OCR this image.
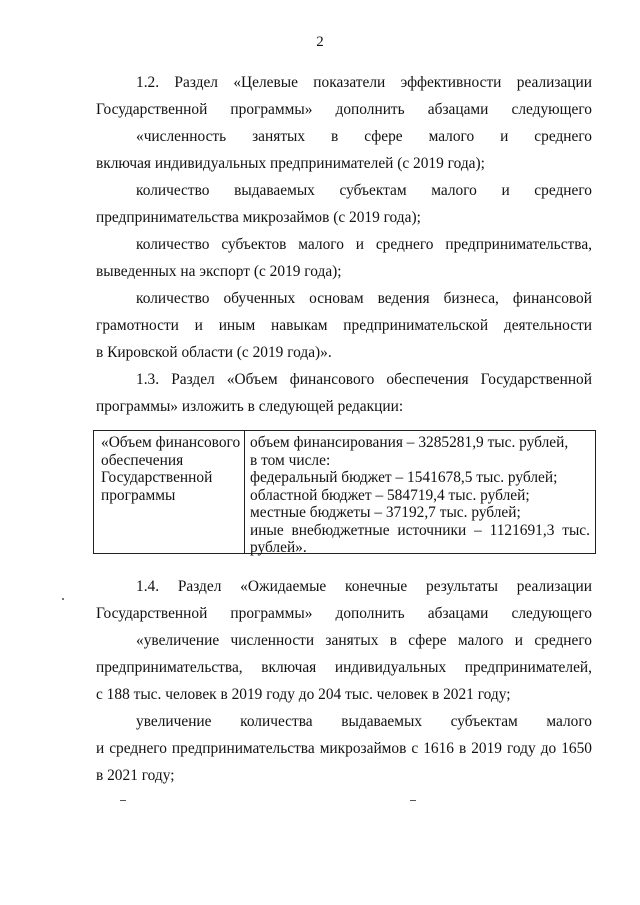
2
1.2. Раздел «Целевые показатели эффективности реализации
Государственной программы» дополнить абзацами следующего
«численность занятых в сфере малого и среднего
включая индивидуальных предпринимателей (с 2019 года);
количество выдаваемых субъектам малого и среднего
предпринимательства микрозаймов (с 2019 года);
количество субъектов малого и среднего предпринимательства,
выведенных на экспорт (с 2019 года);
количество обученных основам ведения бизнеса, финансовой
грамотности и иным навыкам предпринимательской деятельности
в Кировской области (с 2019 года)».
1.3. Раздел «Объем финансового обеспечения Государственной
программы» изложить в следующей редакции:
«Объем финансового
обеспечения
Государственной
программы
объем финансирования – 3285281,9 тыс. рублей,
в том числе:
федеральный бюджет – 1541678,5 тыс. рублей;
областной бюджет – 584719,4 тыс. рублей;
местные бюджеты – 37192,7 тыс. рублей;
иные внебюджетные источники – 1121691,3 тыс.
рублей».
1.4. Раздел «Ожидаемые конечные результаты реализации
Государственной программы» дополнить абзацами следующего
«увеличение численности занятых в сфере малого и среднего
предпринимательства, включая индивидуальных предпринимателей,
с 188 тыс. человек в 2019 году до 204 тыс. человек в 2021 году;
увеличение количества выдаваемых субъектам малого
и среднего предпринимательства микрозаймов с 1616 в 2019 году до 1650
в 2021 году;
